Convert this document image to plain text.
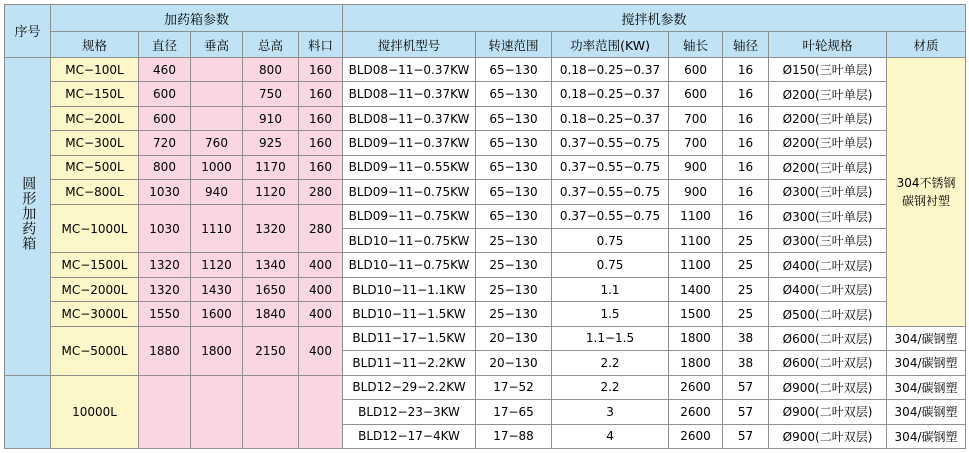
序号	加药箱参数					搅拌机参数						
	规格	直径	垂高	总高	料口	搅拌机型号	转速范围	功率范围(KW)	轴长	轴径	叶轮规格	材质
圆形加药箱	MC−100L	460		800	160	BLD08−11−0.37KW	65−130	0.18−0.25−0.37	600	16	Ø150(三叶单层)	304不锈钢
碳钢衬塑

	MC−150L	600		750	160	BLD08−11−0.37KW	65−130	0.18−0.25−0.37	600	16	Ø200(三叶单层)	
	MC−200L	600		910	160	BLD08−11−0.37KW	65−130	0.18−0.25−0.37	700	16	Ø200(三叶单层)	
	MC−300L	720	760	925	160	BLD09−11−0.37KW	65−130	0.37−0.55−0.75	700	16	Ø200(三叶单层)	
	MC−500L	800	1000	1170	160	BLD09−11−0.55KW	65−130	0.37−0.55−0.75	900	16	Ø200(三叶单层)	
	MC−800L	1030	940	1120	280	BLD09−11−0.75KW	65−130	0.37−0.55−0.75	900	16	Ø300(三叶单层)	
	MC−1000L	1030	1110	1320	280	BLD09−11−0.75KW	65−130	0.37−0.55−0.75	1100	16	Ø300(三叶单层)	
						BLD10−11−0.75KW	25−130	0.75	1100	25	Ø300(三叶单层)	
	MC−1500L	1320	1120	1340	400	BLD10−11−0.75KW	25−130	0.75	1100	25	Ø400(二叶双层)	
	MC−2000L	1320	1430	1650	400	BLD10−11−1.1KW	25−130	1.1	1400	25	Ø400(二叶双层)	
	MC−3000L	1550	1600	1840	400	BLD10−11−1.5KW	25−130	1.5	1500	25	Ø500(二叶双层)	
	MC−5000L	1880	1800	2150	400	BLD11−17−1.5KW	20−130	1.1−1.5	1800	38	Ø600(二叶双层)	304/碳钢塑
						BLD11−11−2.2KW	20−130	2.2	1800	38	Ø600(二叶双层)	304/碳钢塑
	10000L					BLD12−29−2.2KW	17−52	2.2	2600	57	Ø900(二叶双层)	304/碳钢塑
						BLD12−23−3KW	17−65	3	2600	57	Ø900(二叶双层)	304/碳钢塑
						BLD12−17−4KW	17−88	4	2600	57	Ø900(二叶双层)	304/碳钢塑
